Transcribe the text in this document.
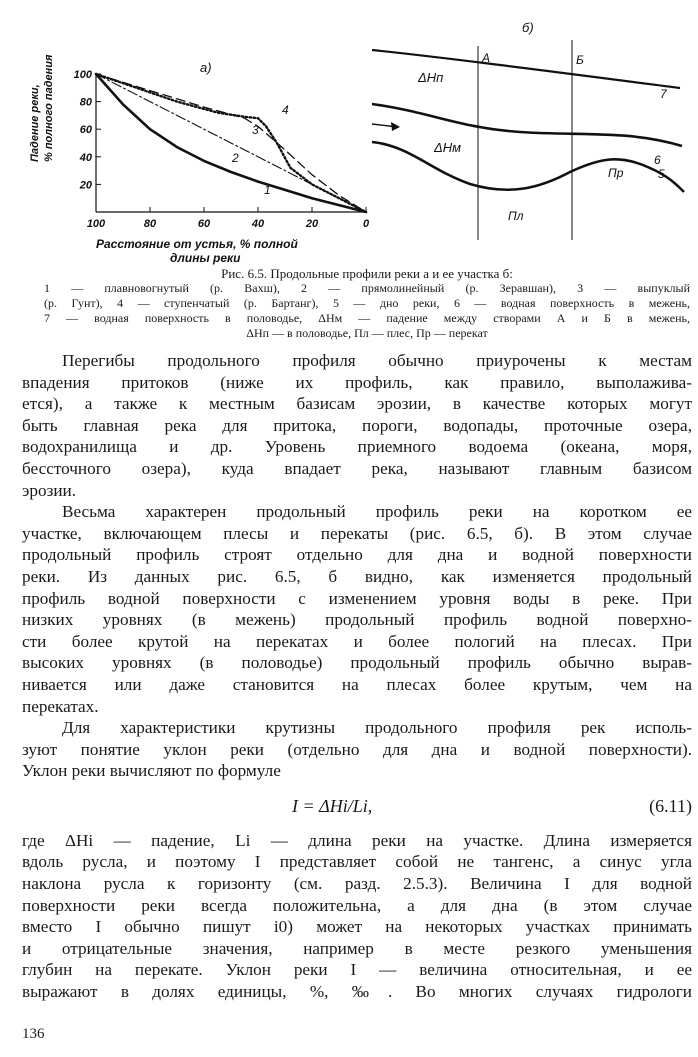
а)
Падение реки, % полного падения 100
80
60
40
20
100	80	60	40	20	0
1
2
3
4
Расстояние от устья, % полной
длины реки
б)
А	Б
ΔHп
ΔHм
7
6
5
Пр
Пл
Рис. 6.5. Продольные профили реки а и ее участка б:
1 — плавновогнутый (р. Вахш), 2 — прямолинейный (р. Зеравшан), 3 — выпуклый
(р. Гунт), 4 — ступенчатый (р. Бартанг), 5 — дно реки, 6 — водная поверхность в межень,
7 — водная поверхность в половодье, ΔHм — падение между створами А и Б в межень,
ΔHп — в половодье, Пл — плес, Пр — перекат

Перегибы продольного профиля обычно приурочены к местам
впадения притоков (ниже их профиль, как правило, выполажива-
ется), а также к местным базисам эрозии, в качестве которых могут
быть главная река для притока, пороги, водопады, проточные озера,
водохранилища и др. Уровень приемного водоема (океана, моря,
бессточного озера), куда впадает река, называют главным базисом
эрозии.

Весьма характерен продольный профиль реки на коротком ее
участке, включающем плесы и перекаты (рис. 6.5, б). В этом случае
продольный профиль строят отдельно для дна и водной поверхности
реки. Из данных рис. 6.5, б видно, как изменяется продольный
профиль водной поверхности с изменением уровня воды в реке. При
низких уровнях (в межень) продольный профиль водной поверхно-
сти более крутой на перекатах и более пологий на плесах. При
высоких уровнях (в половодье) продольный профиль обычно вырав-
нивается или даже становится на плесах более крутым, чем на
перекатах.

Для характеристики крутизны продольного профиля рек исполь-
зуют понятие уклон реки (отдельно для дна и водной поверхности).
Уклон реки вычисляют по формуле

I = ΔHi/Li,	(6.11)

где ΔHi — падение, Li — длина реки на участке. Длина измеряется
вдоль русла, и поэтому I представляет собой не тангенс, а синус угла
наклона русла к горизонту (см. разд. 2.5.3). Величина I для водной
поверхности реки всегда положительна, а для дна (в этом случае
вместо I обычно пишут i0) может на некоторых участках принимать
и отрицательные значения, например в месте резкого уменьшения
глубин на перекате. Уклон реки I — величина относительная, и ее
выражают в долях единицы, %, ‰. Во многих случаях гидрологи

136
